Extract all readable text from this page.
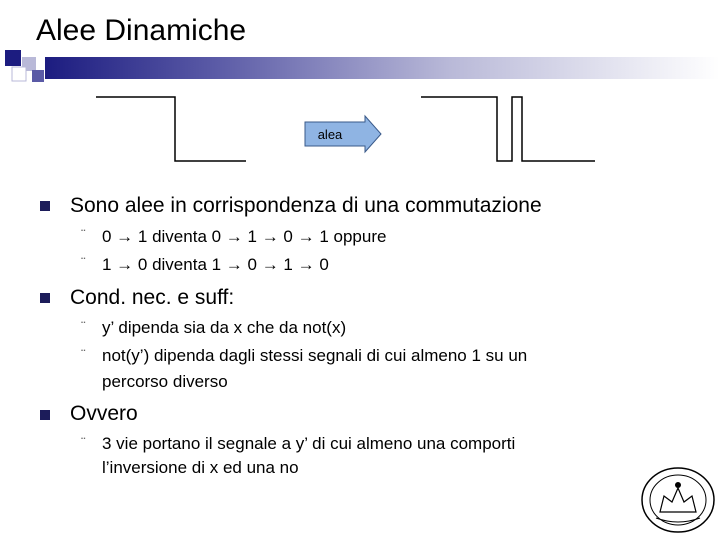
Alee Dinamiche
alea
Sono alee in corrispondenza di una commutazione
¨ 0 → 1 diventa 0 → 1 → 0 → 1 oppure
¨ 1 → 0 diventa 1 → 0 → 1 → 0
Cond. nec. e suff:
¨ y’ dipenda sia da x che da not(x)
¨ not(y’) dipenda dagli stessi segnali di cui almeno 1 su un
percorso diverso
Ovvero
¨ 3 vie portano il segnale a y’ di cui almeno una comporti
l’inversione di x ed una no
